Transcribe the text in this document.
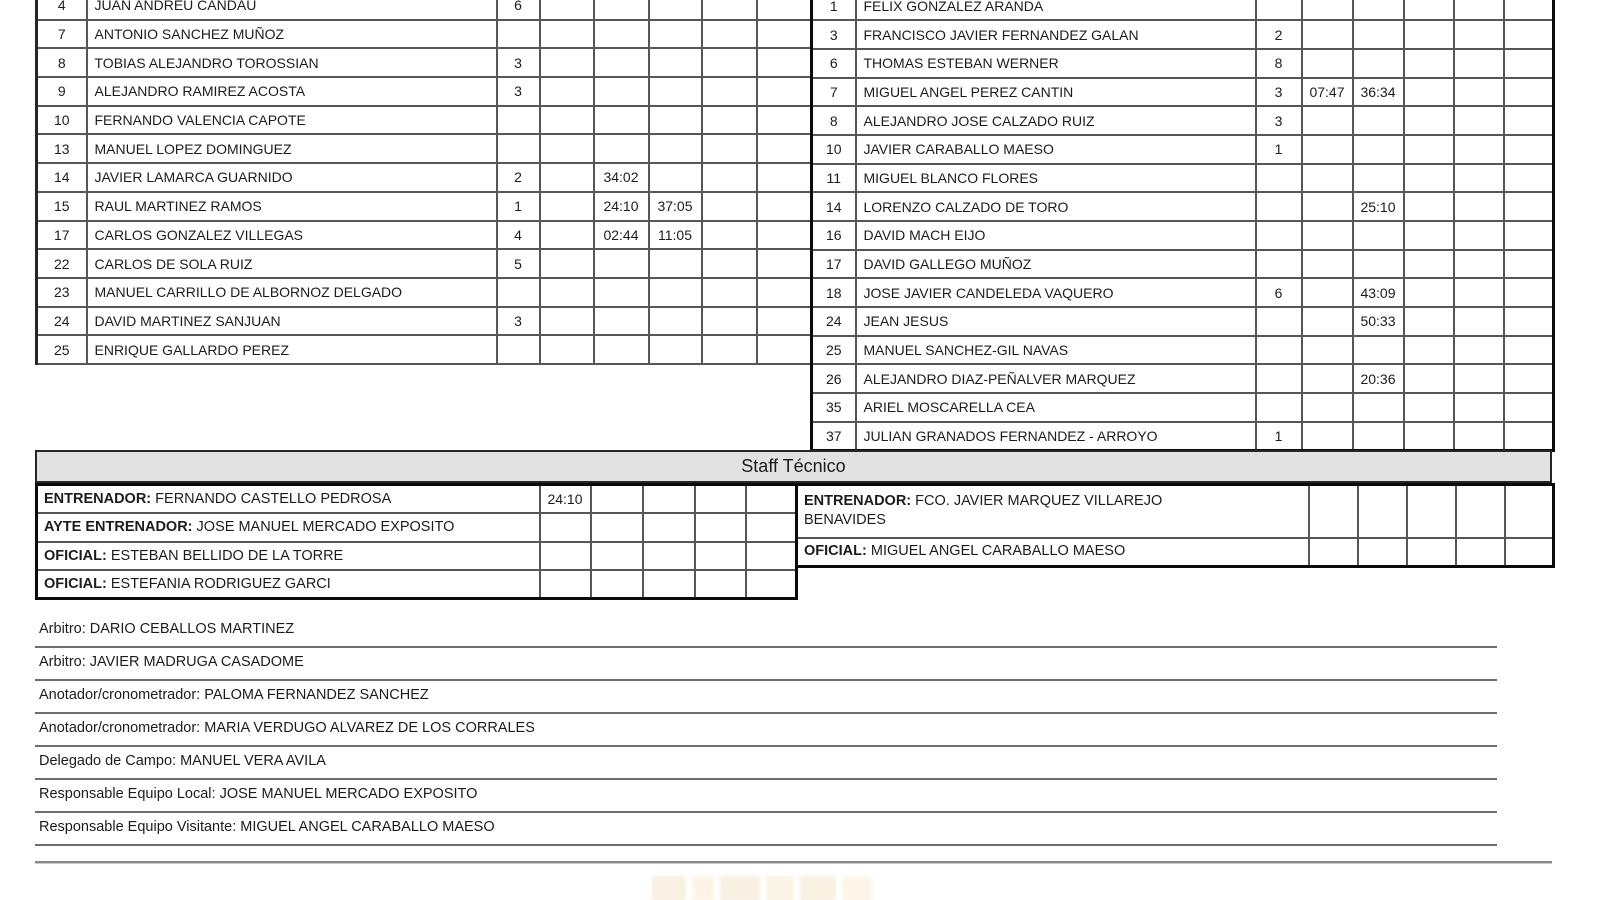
4	JUAN ANDREU CANDAU	6					
7	ANTONIO SANCHEZ MUÑOZ						
8	TOBIAS ALEJANDRO TOROSSIAN	3					
9	ALEJANDRO RAMIREZ ACOSTA	3					
10	FERNANDO VALENCIA CAPOTE						
13	MANUEL LOPEZ DOMINGUEZ						
14	JAVIER LAMARCA GUARNIDO	2		34:02			
15	RAUL MARTINEZ RAMOS	1		24:10	37:05		
17	CARLOS GONZALEZ VILLEGAS	4		02:44	11:05		
22	CARLOS DE SOLA RUIZ	5					
23	MANUEL CARRILLO DE ALBORNOZ DELGADO						
24	DAVID MARTINEZ SANJUAN	3					
25	ENRIQUE GALLARDO PEREZ						
1	FELIX GONZALEZ ARANDA						
3	FRANCISCO JAVIER FERNANDEZ GALAN	2					
6	THOMAS ESTEBAN WERNER	8					
7	MIGUEL ANGEL PEREZ CANTIN	3	07:47	36:34			
8	ALEJANDRO JOSE CALZADO RUIZ	3					
10	JAVIER CARABALLO MAESO	1					
11	MIGUEL BLANCO FLORES						
14	LORENZO CALZADO DE TORO			25:10			
16	DAVID MACH EIJO						
17	DAVID GALLEGO MUÑOZ						
18	JOSE JAVIER CANDELEDA VAQUERO	6		43:09			
24	JEAN JESUS			50:33			
25	MANUEL SANCHEZ-GIL NAVAS						
26	ALEJANDRO DIAZ-PEÑALVER MARQUEZ			20:36			
35	ARIEL MOSCARELLA CEA						
37	JULIAN GRANADOS FERNANDEZ - ARROYO	1					
Staff Técnico
ENTRENADOR: FERNANDO CASTELLO PEDROSA	24:10				
AYTE ENTRENADOR: JOSE MANUEL MERCADO EXPOSITO					
OFICIAL: ESTEBAN BELLIDO DE LA TORRE					
OFICIAL: ESTEFANIA RODRIGUEZ GARCI					
ENTRENADOR: FCO. JAVIER MARQUEZ VILLAREJO BENAVIDES					
OFICIAL: MIGUEL ANGEL CARABALLO MAESO					
Arbitro: DARIO CEBALLOS MARTINEZ
Arbitro: JAVIER MADRUGA CASADOME
Anotador/cronometrador: PALOMA FERNANDEZ SANCHEZ
Anotador/cronometrador: MARIA VERDUGO ALVAREZ DE LOS CORRALES
Delegado de Campo: MANUEL VERA AVILA
Responsable Equipo Local: JOSE MANUEL MERCADO EXPOSITO
Responsable Equipo Visitante: MIGUEL ANGEL CARABALLO MAESO
